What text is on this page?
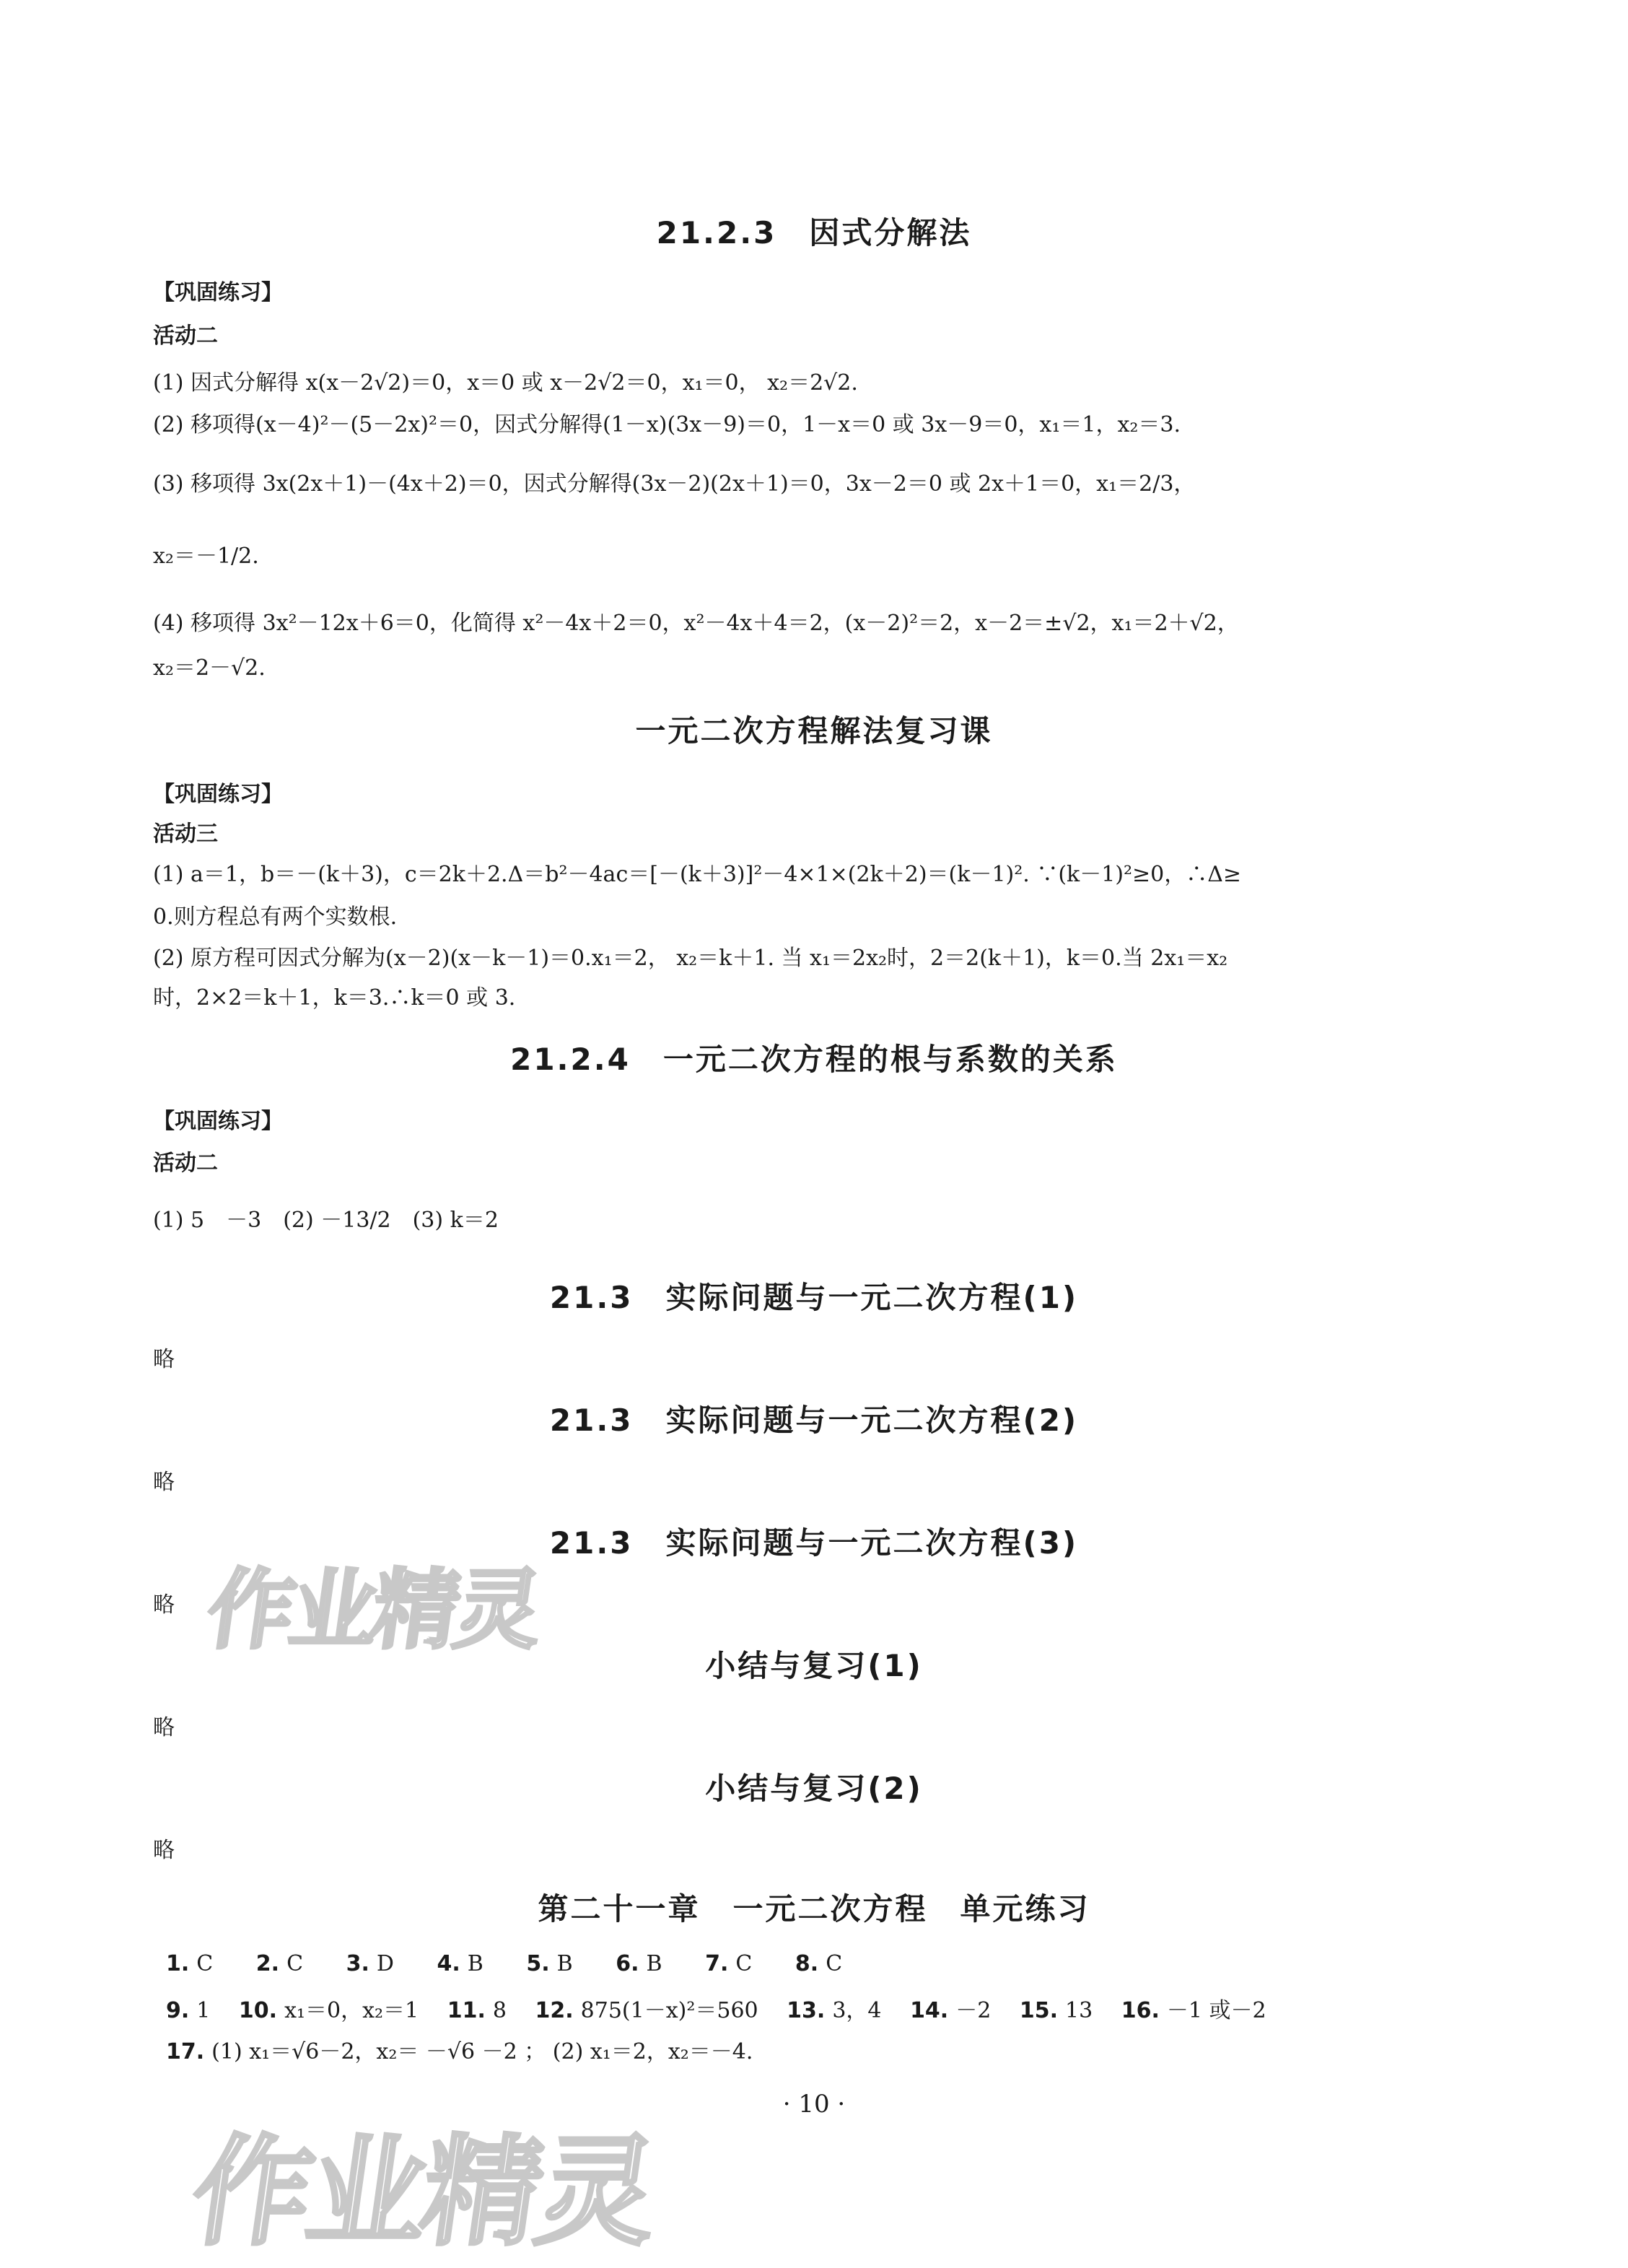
21.2.3　因式分解法
【巩固练习】
活动二
(1) 因式分解得 x(x－2√2)＝0，x＝0 或 x－2√2＝0，x₁＝0， x₂＝2√2.
(2) 移项得(x－4)²－(5－2x)²＝0，因式分解得(1－x)(3x－9)＝0，1－x＝0 或 3x－9＝0，x₁＝1，x₂＝3.
(3) 移项得 3x(2x＋1)－(4x＋2)＝0，因式分解得(3x－2)(2x＋1)＝0，3x－2＝0 或 2x＋1＝0，x₁＝2/3，
x₂＝－1/2.
(4) 移项得 3x²－12x＋6＝0，化简得 x²－4x＋2＝0，x²－4x＋4＝2，(x－2)²＝2，x－2＝±√2，x₁＝2＋√2，
x₂＝2－√2.
一元二次方程解法复习课
【巩固练习】
活动三
(1) a＝1，b＝－(k＋3)，c＝2k＋2.Δ＝b²－4ac＝[－(k＋3)]²－4×1×(2k＋2)＝(k－1)². ∵(k－1)²≥0，∴Δ≥
0.则方程总有两个实数根.
(2) 原方程可因式分解为(x－2)(x－k－1)＝0.x₁＝2， x₂＝k＋1. 当 x₁＝2x₂时，2＝2(k＋1)，k＝0.当 2x₁＝x₂
时，2×2＝k＋1，k＝3.∴k＝0 或 3.
21.2.4　一元二次方程的根与系数的关系
【巩固练习】
活动二
(1) 5　－3　(2) －13/2　(3) k＝2
21.3　实际问题与一元二次方程(1)
略
21.3　实际问题与一元二次方程(2)
略
21.3　实际问题与一元二次方程(3)
略
小结与复习(1)
略
小结与复习(2)
略
第二十一章　一元二次方程　单元练习
1. C 2. C 3. D 4. B 5. B 6. B 7. C 8. C
9. 1 10. x₁＝0，x₂＝1 11. 8 12. 875(1－x)²＝560 13. 3，4 14. －2 15. 13 16. －1 或－2
17. (1) x₁＝√6－2，x₂＝ －√6 －2 ； (2) x₁＝2，x₂＝－4.
作业精灵
作业精灵
· 10 ·
